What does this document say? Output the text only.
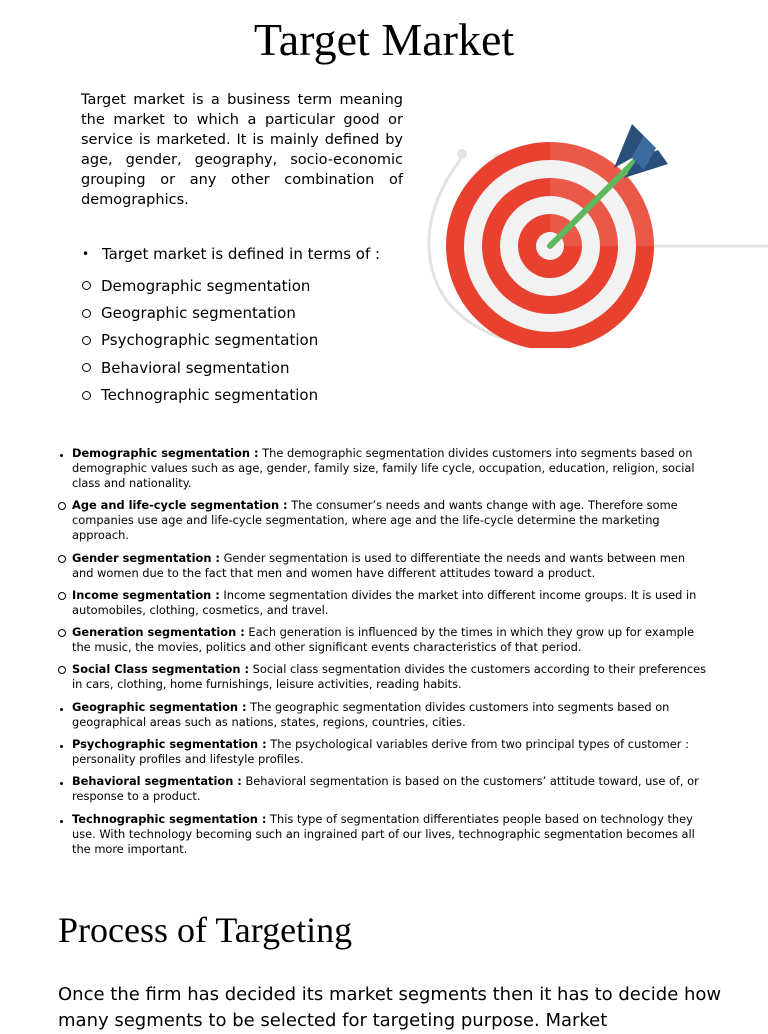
Target Market
Target market is a business term meaning the market to which a particular good or service is marketed. It is mainly defined by age, gender, geography, socio-economic grouping or any other combination of demographics.
• Target market is defined in terms of :
Demographic segmentation
Geographic segmentation
Psychographic segmentation
Behavioral segmentation
Technographic segmentation
Demographic segmentation : The demographic segmentation divides customers into segments based on demographic values such as age, gender, family size, family life cycle, occupation, education, religion, social class and nationality.
Age and life-cycle segmentation : The consumer’s needs and wants change with age. Therefore some companies use age and life-cycle segmentation, where age and the life-cycle determine the marketing approach.
Gender segmentation : Gender segmentation is used to differentiate the needs and wants between men and women due to the fact that men and women have different attitudes toward a product.
Income segmentation : Income segmentation divides the market into different income groups. It is used in automobiles, clothing, cosmetics, and travel.
Generation segmentation : Each generation is influenced by the times in which they grow up for example the music, the movies, politics and other significant events characteristics of that period.
Social Class segmentation : Social class segmentation divides the customers according to their preferences in cars, clothing, home furnishings, leisure activities, reading habits.
Geographic segmentation : The geographic segmentation divides customers into segments based on geographical areas such as nations, states, regions, countries, cities.
Psychographic segmentation : The psychological variables derive from two principal types of customer : personality profiles and lifestyle profiles.
Behavioral segmentation : Behavioral segmentation is based on the customers’ attitude toward, use of, or response to a product.
Technographic segmentation : This type of segmentation differentiates people based on technology they use. With technology becoming such an ingrained part of our lives, technographic segmentation becomes all the more important.
Process of Targeting
Once the firm has decided its market segments then it has to decide how many segments to be selected for targeting purpose. Market
